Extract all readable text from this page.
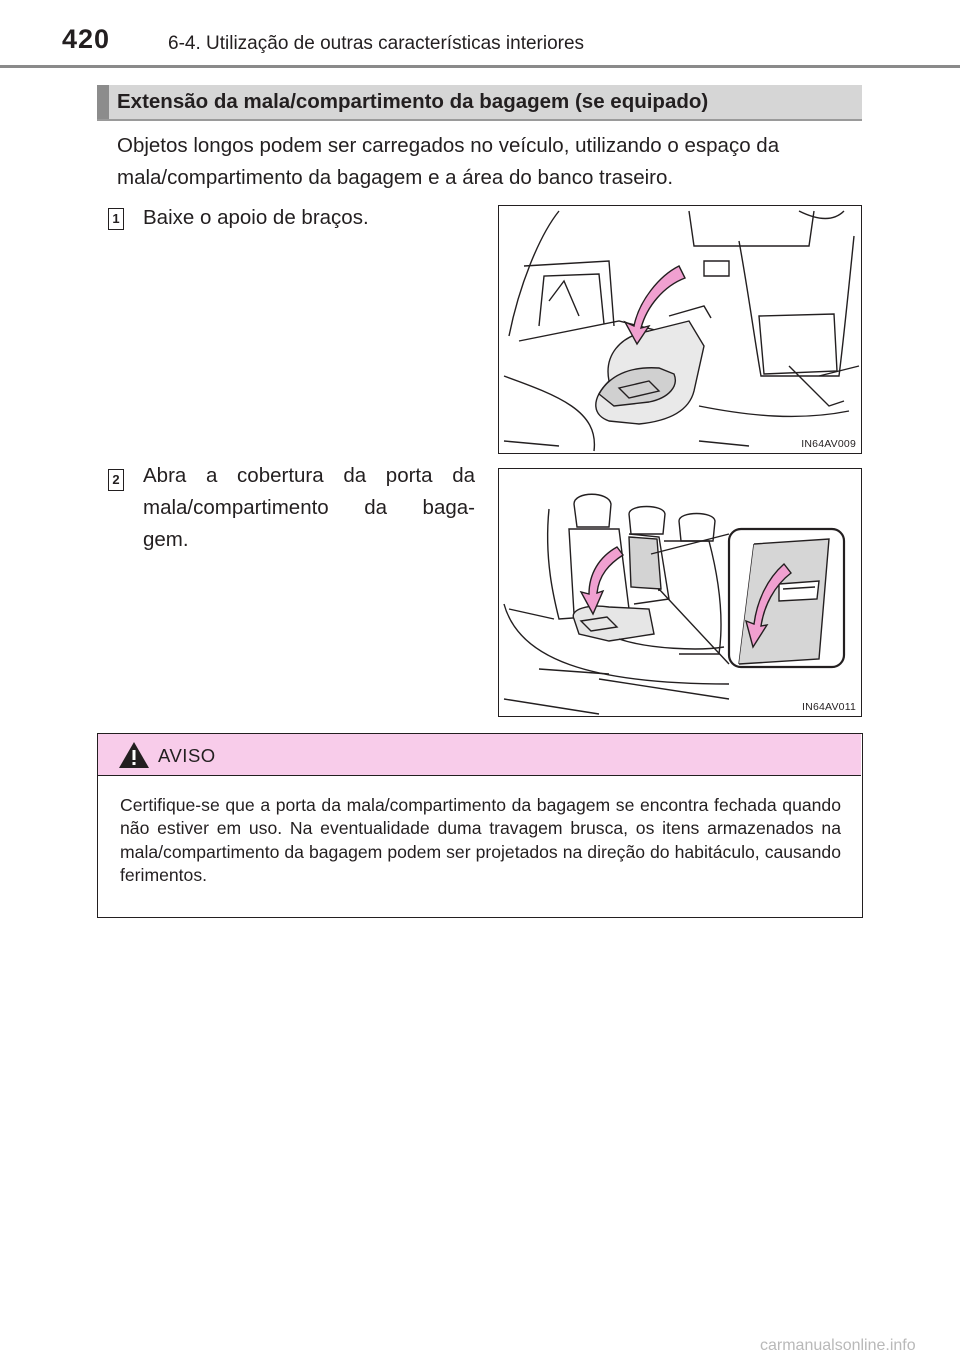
420	6-4. Utilização de outras características interiores
Extensão da mala/compartimento da bagagem (se equipado)
Objetos longos podem ser carregados no veículo, utilizando o espaço da mala/compartimento da bagagem e a área do banco traseiro.
1 Baixe o apoio de braços.
IN64AV009
2 Abra a cobertura da porta da
mala/compartimento da baga-
gem.
IN64AV011
AVISO
Certifique-se que a porta da mala/compartimento da bagagem se encontra fechada quando não estiver em uso. Na eventualidade duma travagem brusca, os itens armazenados na mala/compartimento da bagagem podem ser projetados na direção do habitáculo, causando ferimentos.
carmanualsonline.info
